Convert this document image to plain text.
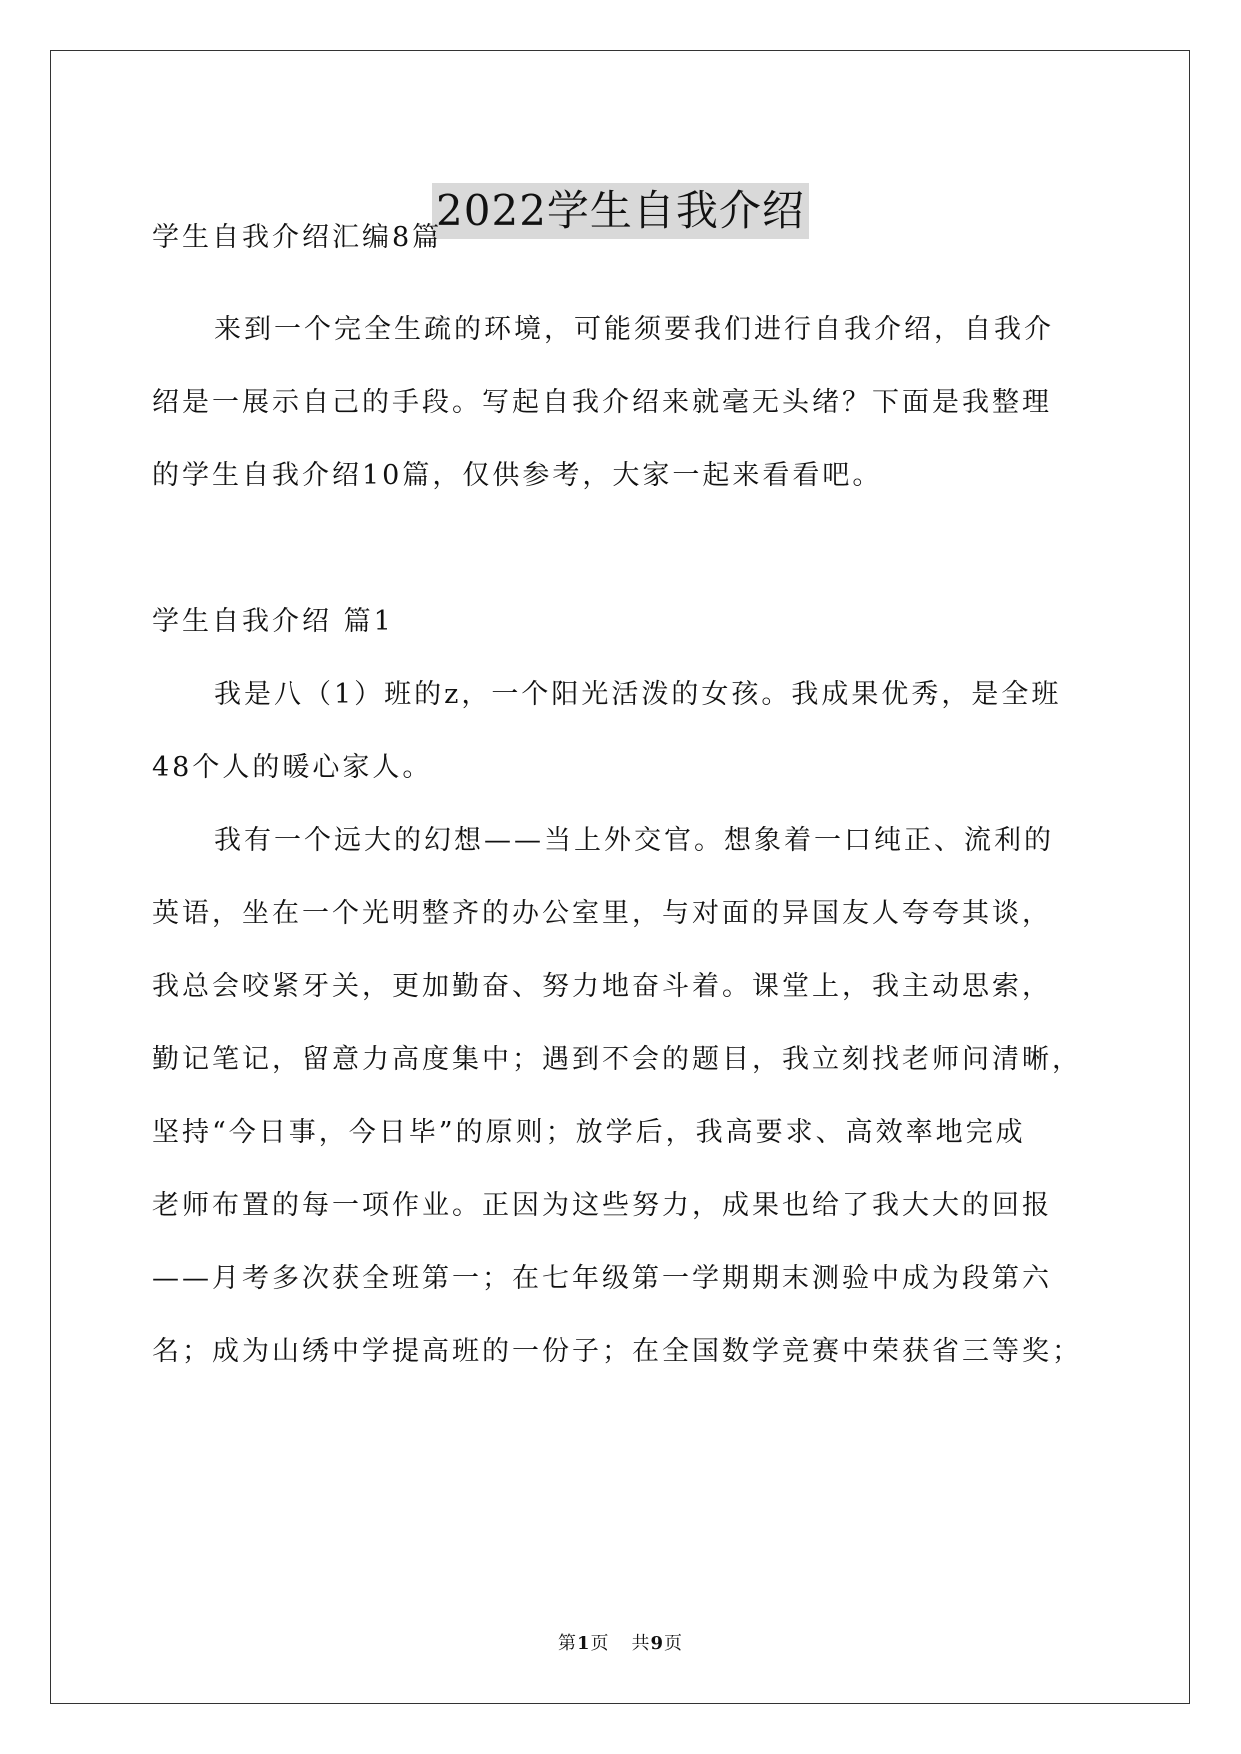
2022学生自我介绍
学生自我介绍汇编8篇
来到一个完全生疏的环境，可能须要我们进行自我介绍，自我介
绍是一展示自己的手段。写起自我介绍来就毫无头绪？下面是我整理
的学生自我介绍10篇，仅供参考，大家一起来看看吧。
学生自我介绍 篇1
我是八（1）班的z，一个阳光活泼的女孩。我成果优秀，是全班
48个人的暖心家人。
我有一个远大的幻想——当上外交官。想象着一口纯正、流利的
英语，坐在一个光明整齐的办公室里，与对面的异国友人夸夸其谈，
我总会咬紧牙关，更加勤奋、努力地奋斗着。课堂上，我主动思索，
勤记笔记，留意力高度集中；遇到不会的题目，我立刻找老师问清晰，
坚持“今日事，今日毕”的原则；放学后，我高要求、高效率地完成
老师布置的每一项作业。正因为这些努力，成果也给了我大大的回报
——月考多次获全班第一；在七年级第一学期期末测验中成为段第六
名；成为山绣中学提高班的一份子；在全国数学竞赛中荣获省三等奖；
第1页 共9页
